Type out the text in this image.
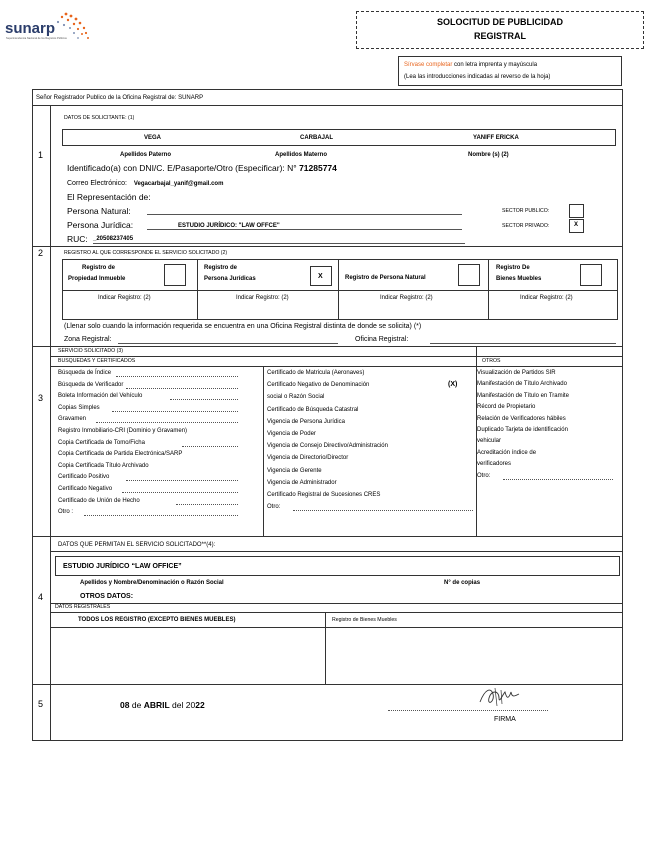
sunarp
Superintendencia Nacional de los Registros Públicos
SOLOCITUD DE PUBLICIDAD
REGISTRAL
Sírvase completar con letra imprenta y mayúscula
(Lea las introducciones indicadas al reverso de la hoja)
Señor Registrador Publico de la Oficina Registral de: SUNARP
1
DATOS DE SOLICITANTE: (1)
VEGA	CARBAJAL	YANIFF ERICKA
Apellidos Paterno	Apellidos Materno	Nombre (s) (2)
Identificado(a) con DNI/C. E/Pasaporte/Otro (Especificar): N° 71285774
Correo Electrónico: Vegacarbajal_yanif@gmail.com
El Representación de:
Persona Natural:
Persona Jurídica:	ESTUDIO JURÍDICO: "LAW OFFCE"
RUC: _20508237405
SECTOR PUBLICO:
SECTOR PRIVADO:	X
2	REGISTRO AL QUE CORRESPONDE EL SERVICIO SOLICITADO (2)
Registro de
Propiedad Inmueble
Registro de
Persona Jurídicas	X	Registro de Persona Natural
Registro De
Bienes Muebles
Indicar Registro: (2)	Indicar Registro: (2)	Indicar Registro: (2)	Indicar Registro: (2)
(Llenar solo cuando la información requerida se encuentra en una Oficina Registral distinta de donde se solicita) (*)
Zona Registral:	Oficina Registral:
3
SERVICIO SOLICITADO (3)
BUSQUEDAS Y CERTIFICADOS	OTROS
Búsqueda de Índice
Búsqueda de Verificador
Boleta Información del Vehículo
Copias Simples
Gravamen
Registro Inmobiliario-CRI (Dominio y Gravamen)
Copia Certificada de Tomo/Ficha
Copia Certificada de Partida Electrónica/SARP
Copia Certificada Título Archivado
Certificado Positivo
Certificado Negativo
Certificado de Unión de Hecho
Otro :
Certificado de Matricula (Aeronaves)
Certificado Negativo de Denominación
social o Razón Social
Certificado de Búsqueda Catastral
Vigencia de Persona Jurídica
Vigencia de Poder
Vigencia de Consejo Directivo/Administración
Vigencia de Directorio/Director
Vigencia de Gerente
Vigencia de Administrador
Certificado Registral de Sucesiones CRES
Otro:
Visualización de Partidos SIR
Manifestación de Título Archivado
Manifestación de Título en Tramite
Récord de Propietario
Relación de Verificadores hábiles
Duplicado Tarjeta de identificación
vehicular
Acreditación índice de
verificadores
Otro:
(X)
4
DATOS QUE PERMITAN EL SERVICIO SOLICITADO**(4):
ESTUDIO JURÍDICO “LAW OFFICE”
Apellidos y Nombre/Denominación o Razón Social	N° de copias
OTROS DATOS:
DATOS REGISTRALES
TODOS LOS REGISTRO (EXCEPTO BIENES MUEBLES)	Registro de Bienes Muebles
5	08 de ABRIL del 2022
FIRMA
